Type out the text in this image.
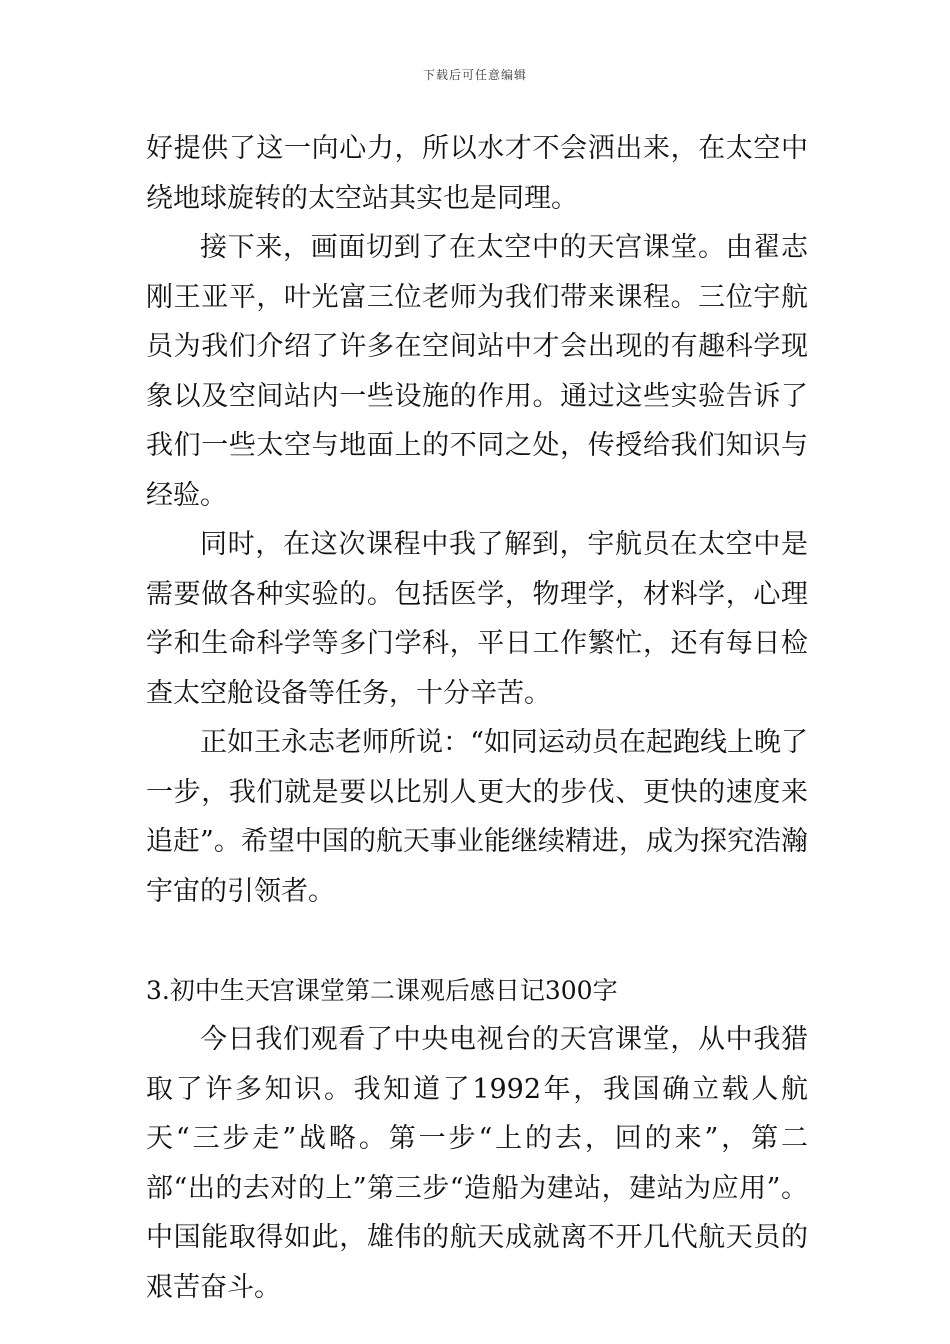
下载后可任意编辑

好提供了这一向心力，所以水才不会洒出来，在太空中绕地球旋转的太空站其实也是同理。

接下来，画面切到了在太空中的天宫课堂。由翟志刚王亚平，叶光富三位老师为我们带来课程。三位宇航员为我们介绍了许多在空间站中才会出现的有趣科学现象以及空间站内一些设施的作用。通过这些实验告诉了我们一些太空与地面上的不同之处，传授给我们知识与经验。

同时，在这次课程中我了解到，宇航员在太空中是需要做各种实验的。包括医学，物理学，材料学，心理学和生命科学等多门学科，平日工作繁忙，还有每日检查太空舱设备等任务，十分辛苦。

正如王永志老师所说：“如同运动员在起跑线上晚了一步，我们就是要以比别人更大的步伐、更快的速度来追赶”。希望中国的航天事业能继续精进，成为探究浩瀚宇宙的引领者。

3.初中生天宫课堂第二课观后感日记300字

今日我们观看了中央电视台的天宫课堂，从中我猎取了许多知识。我知道了1992年，我国确立载人航天“三步走”战略。第一步“上的去，回的来”，第二部“出的去对的上”第三步“造船为建站，建站为应用”。中国能取得如此，雄伟的航天成就离不开几代航天员的艰苦奋斗。
